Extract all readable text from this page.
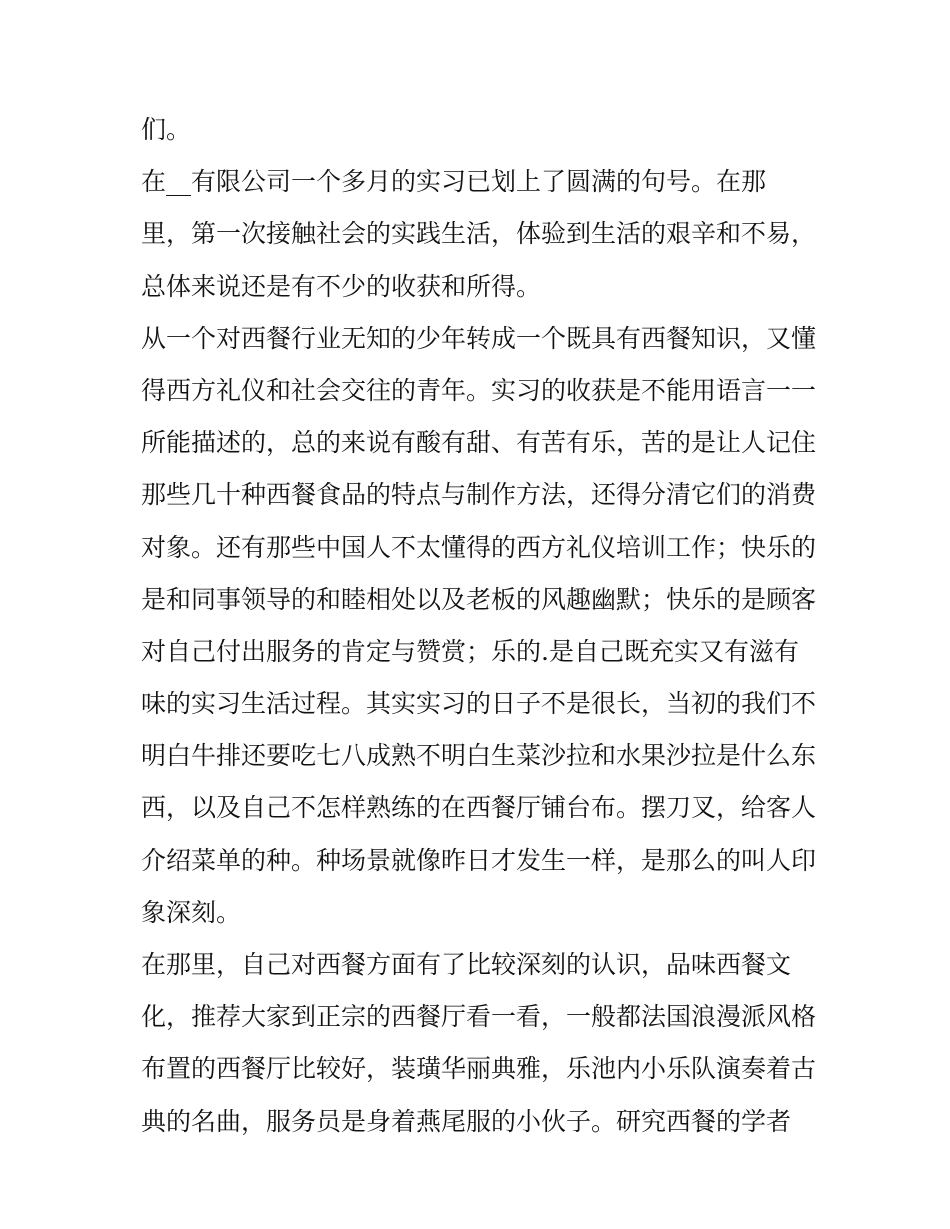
们。
在__有限公司一个多月的实习已划上了圆满的句号。在那
里，第一次接触社会的实践生活，体验到生活的艰辛和不易，
总体来说还是有不少的收获和所得。
从一个对西餐行业无知的少年转成一个既具有西餐知识，又懂
得西方礼仪和社会交往的青年。实习的收获是不能用语言一一
所能描述的，总的来说有酸有甜、有苦有乐，苦的是让人记住
那些几十种西餐食品的特点与制作方法，还得分清它们的消费
对象。还有那些中国人不太懂得的西方礼仪培训工作；快乐的
是和同事领导的和睦相处以及老板的风趣幽默；快乐的是顾客
对自己付出服务的肯定与赞赏；乐的.是自己既充实又有滋有
味的实习生活过程。其实实习的日子不是很长，当初的我们不
明白牛排还要吃七八成熟不明白生菜沙拉和水果沙拉是什么东
西，以及自己不怎样熟练的在西餐厅铺台布。摆刀叉，给客人
介绍菜单的种。种场景就像昨日才发生一样，是那么的叫人印
象深刻。
在那里，自己对西餐方面有了比较深刻的认识，品味西餐文
化，推荐大家到正宗的西餐厅看一看，一般都法国浪漫派风格
布置的西餐厅比较好，装璜华丽典雅，乐池内小乐队演奏着古
典的名曲，服务员是身着燕尾服的小伙子。研究西餐的学者
